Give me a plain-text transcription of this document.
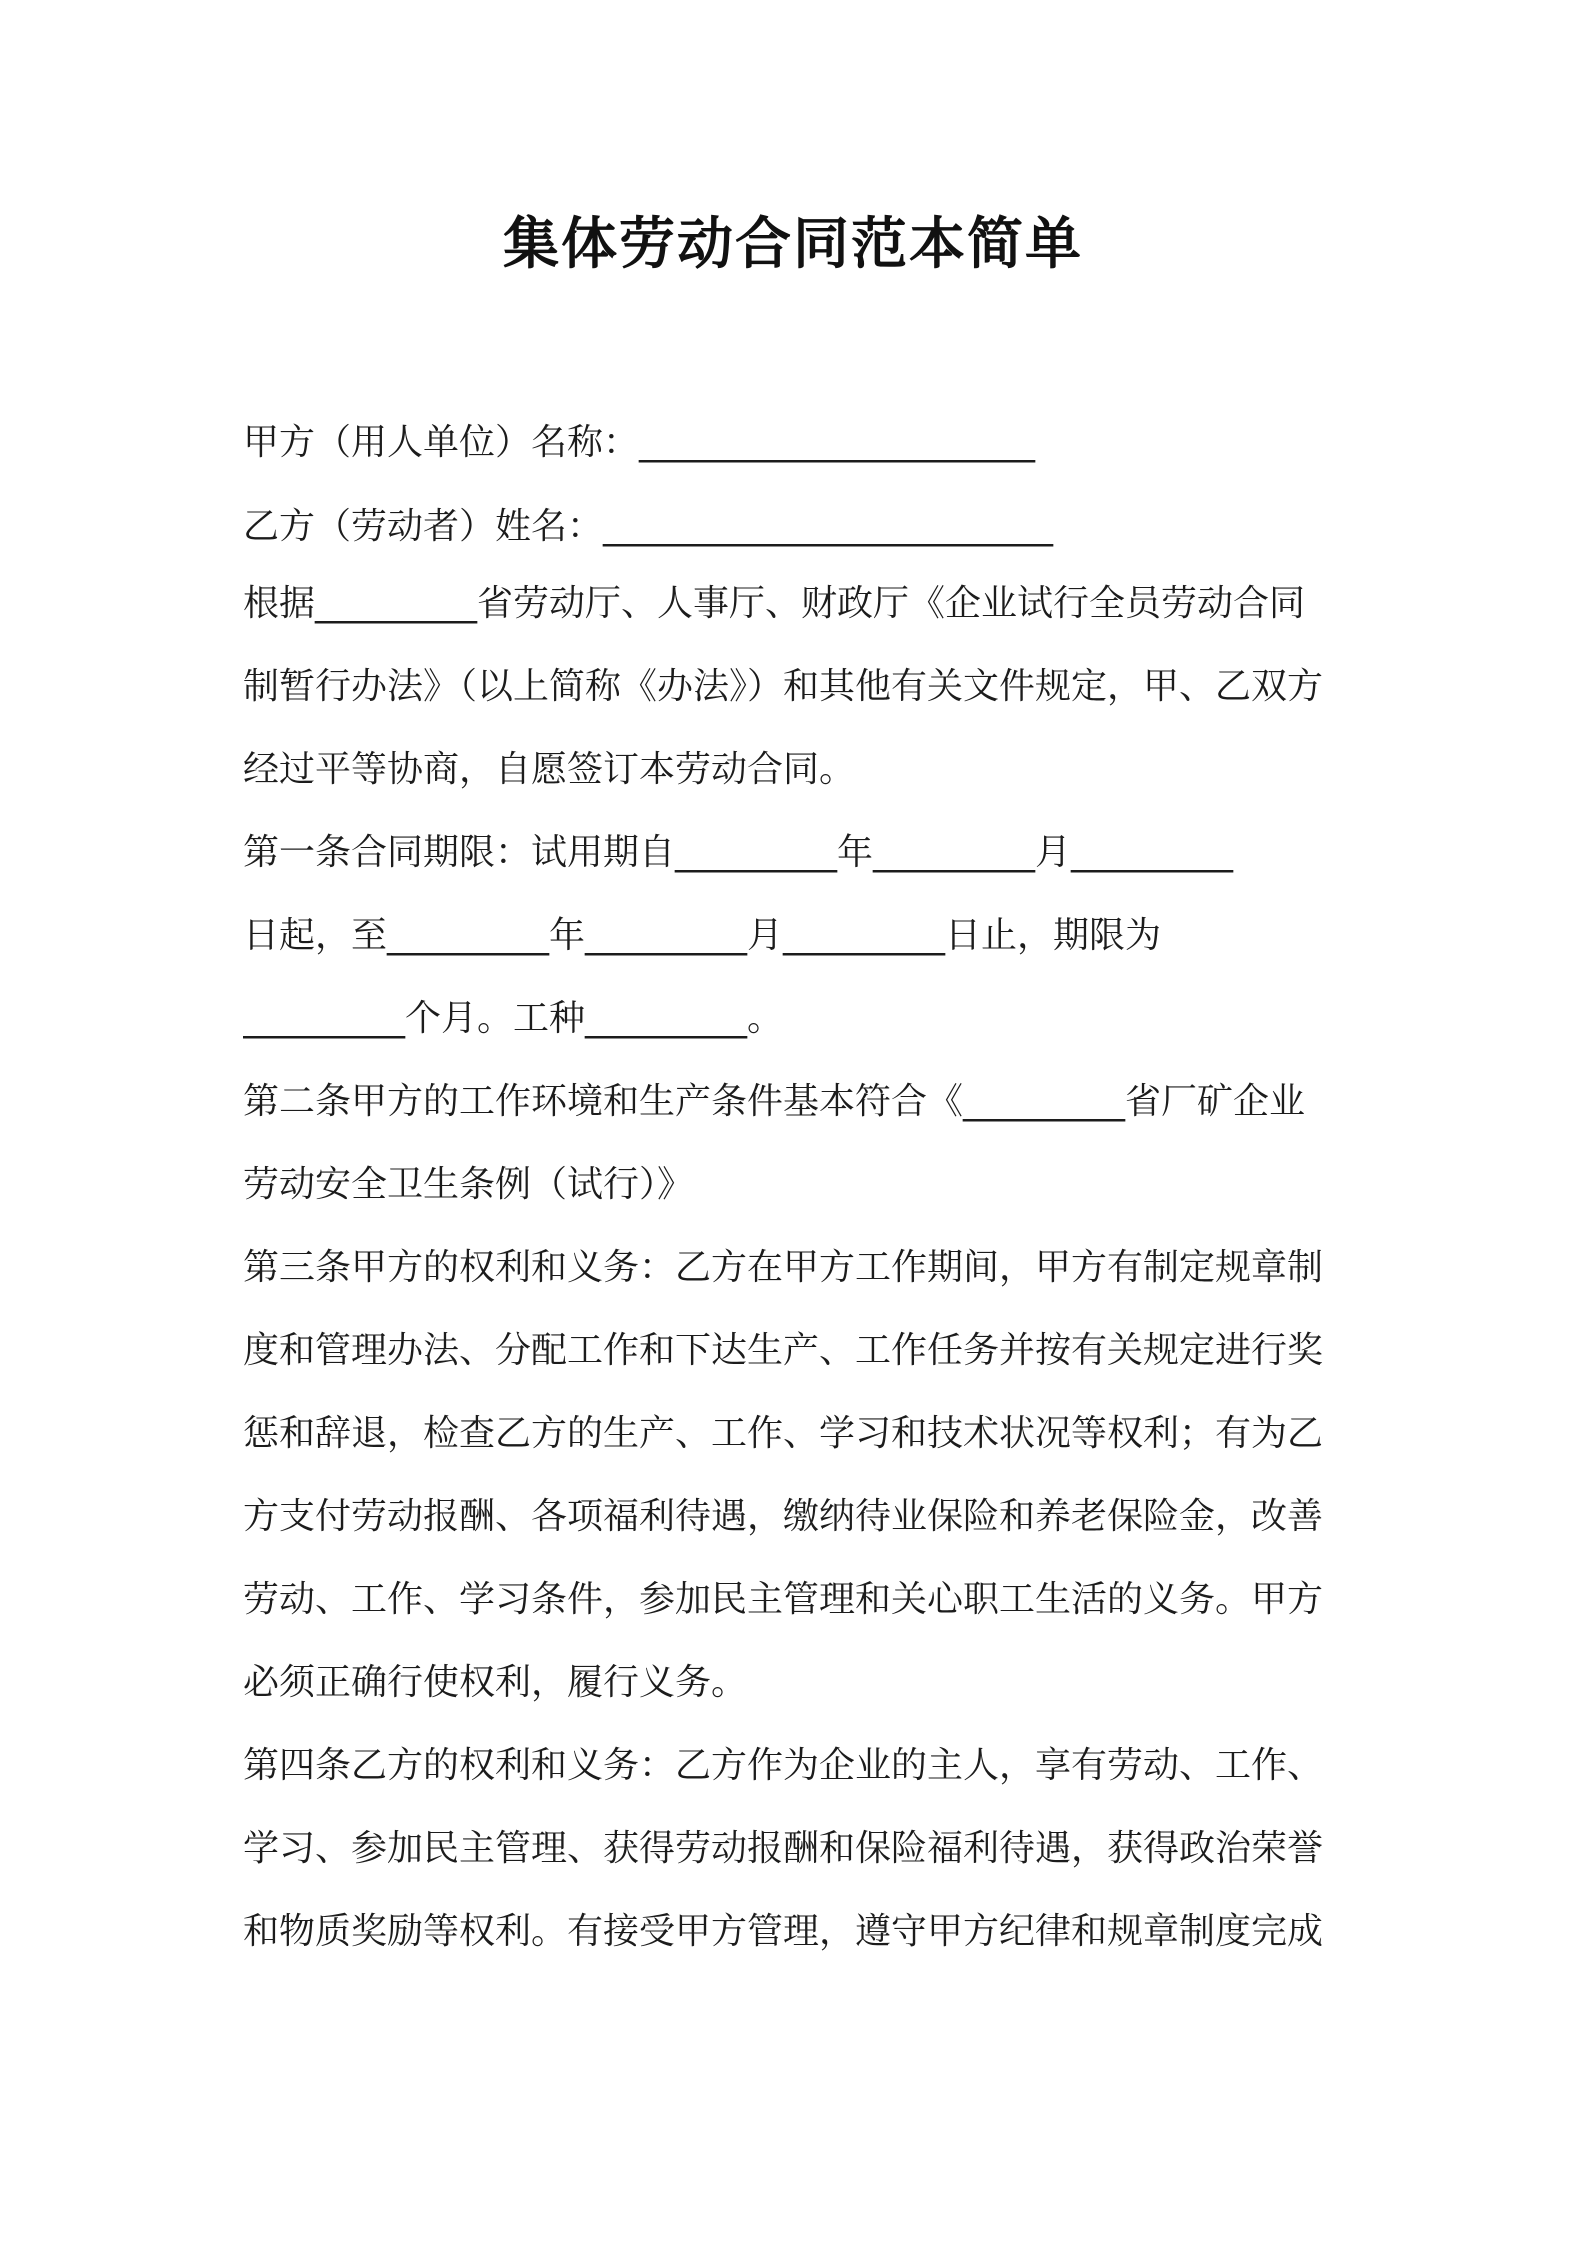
集体劳动合同范本简单
甲方（用人单位）名称：______________________
乙方（劳动者）姓名：_________________________
根据_________省劳动厅、人事厅、财政厅《企业试行全员劳动合同
制暂行办法》（以上简称《办法》）和其他有关文件规定，甲、乙双方
经过平等协商，自愿签订本劳动合同。
第一条合同期限：试用期自_________年_________月_________
日起，至_________年_________月_________日止，期限为
_________个月。工种_________。
第二条甲方的工作环境和生产条件基本符合《_________省厂矿企业
劳动安全卫生条例（试行）》
第三条甲方的权利和义务：乙方在甲方工作期间，甲方有制定规章制
度和管理办法、分配工作和下达生产、工作任务并按有关规定进行奖
惩和辞退，检查乙方的生产、工作、学习和技术状况等权利；有为乙
方支付劳动报酬、各项福利待遇，缴纳待业保险和养老保险金，改善
劳动、工作、学习条件，参加民主管理和关心职工生活的义务。甲方
必须正确行使权利，履行义务。
第四条乙方的权利和义务：乙方作为企业的主人，享有劳动、工作、
学习、参加民主管理、获得劳动报酬和保险福利待遇，获得政治荣誉
和物质奖励等权利。有接受甲方管理，遵守甲方纪律和规章制度完成
